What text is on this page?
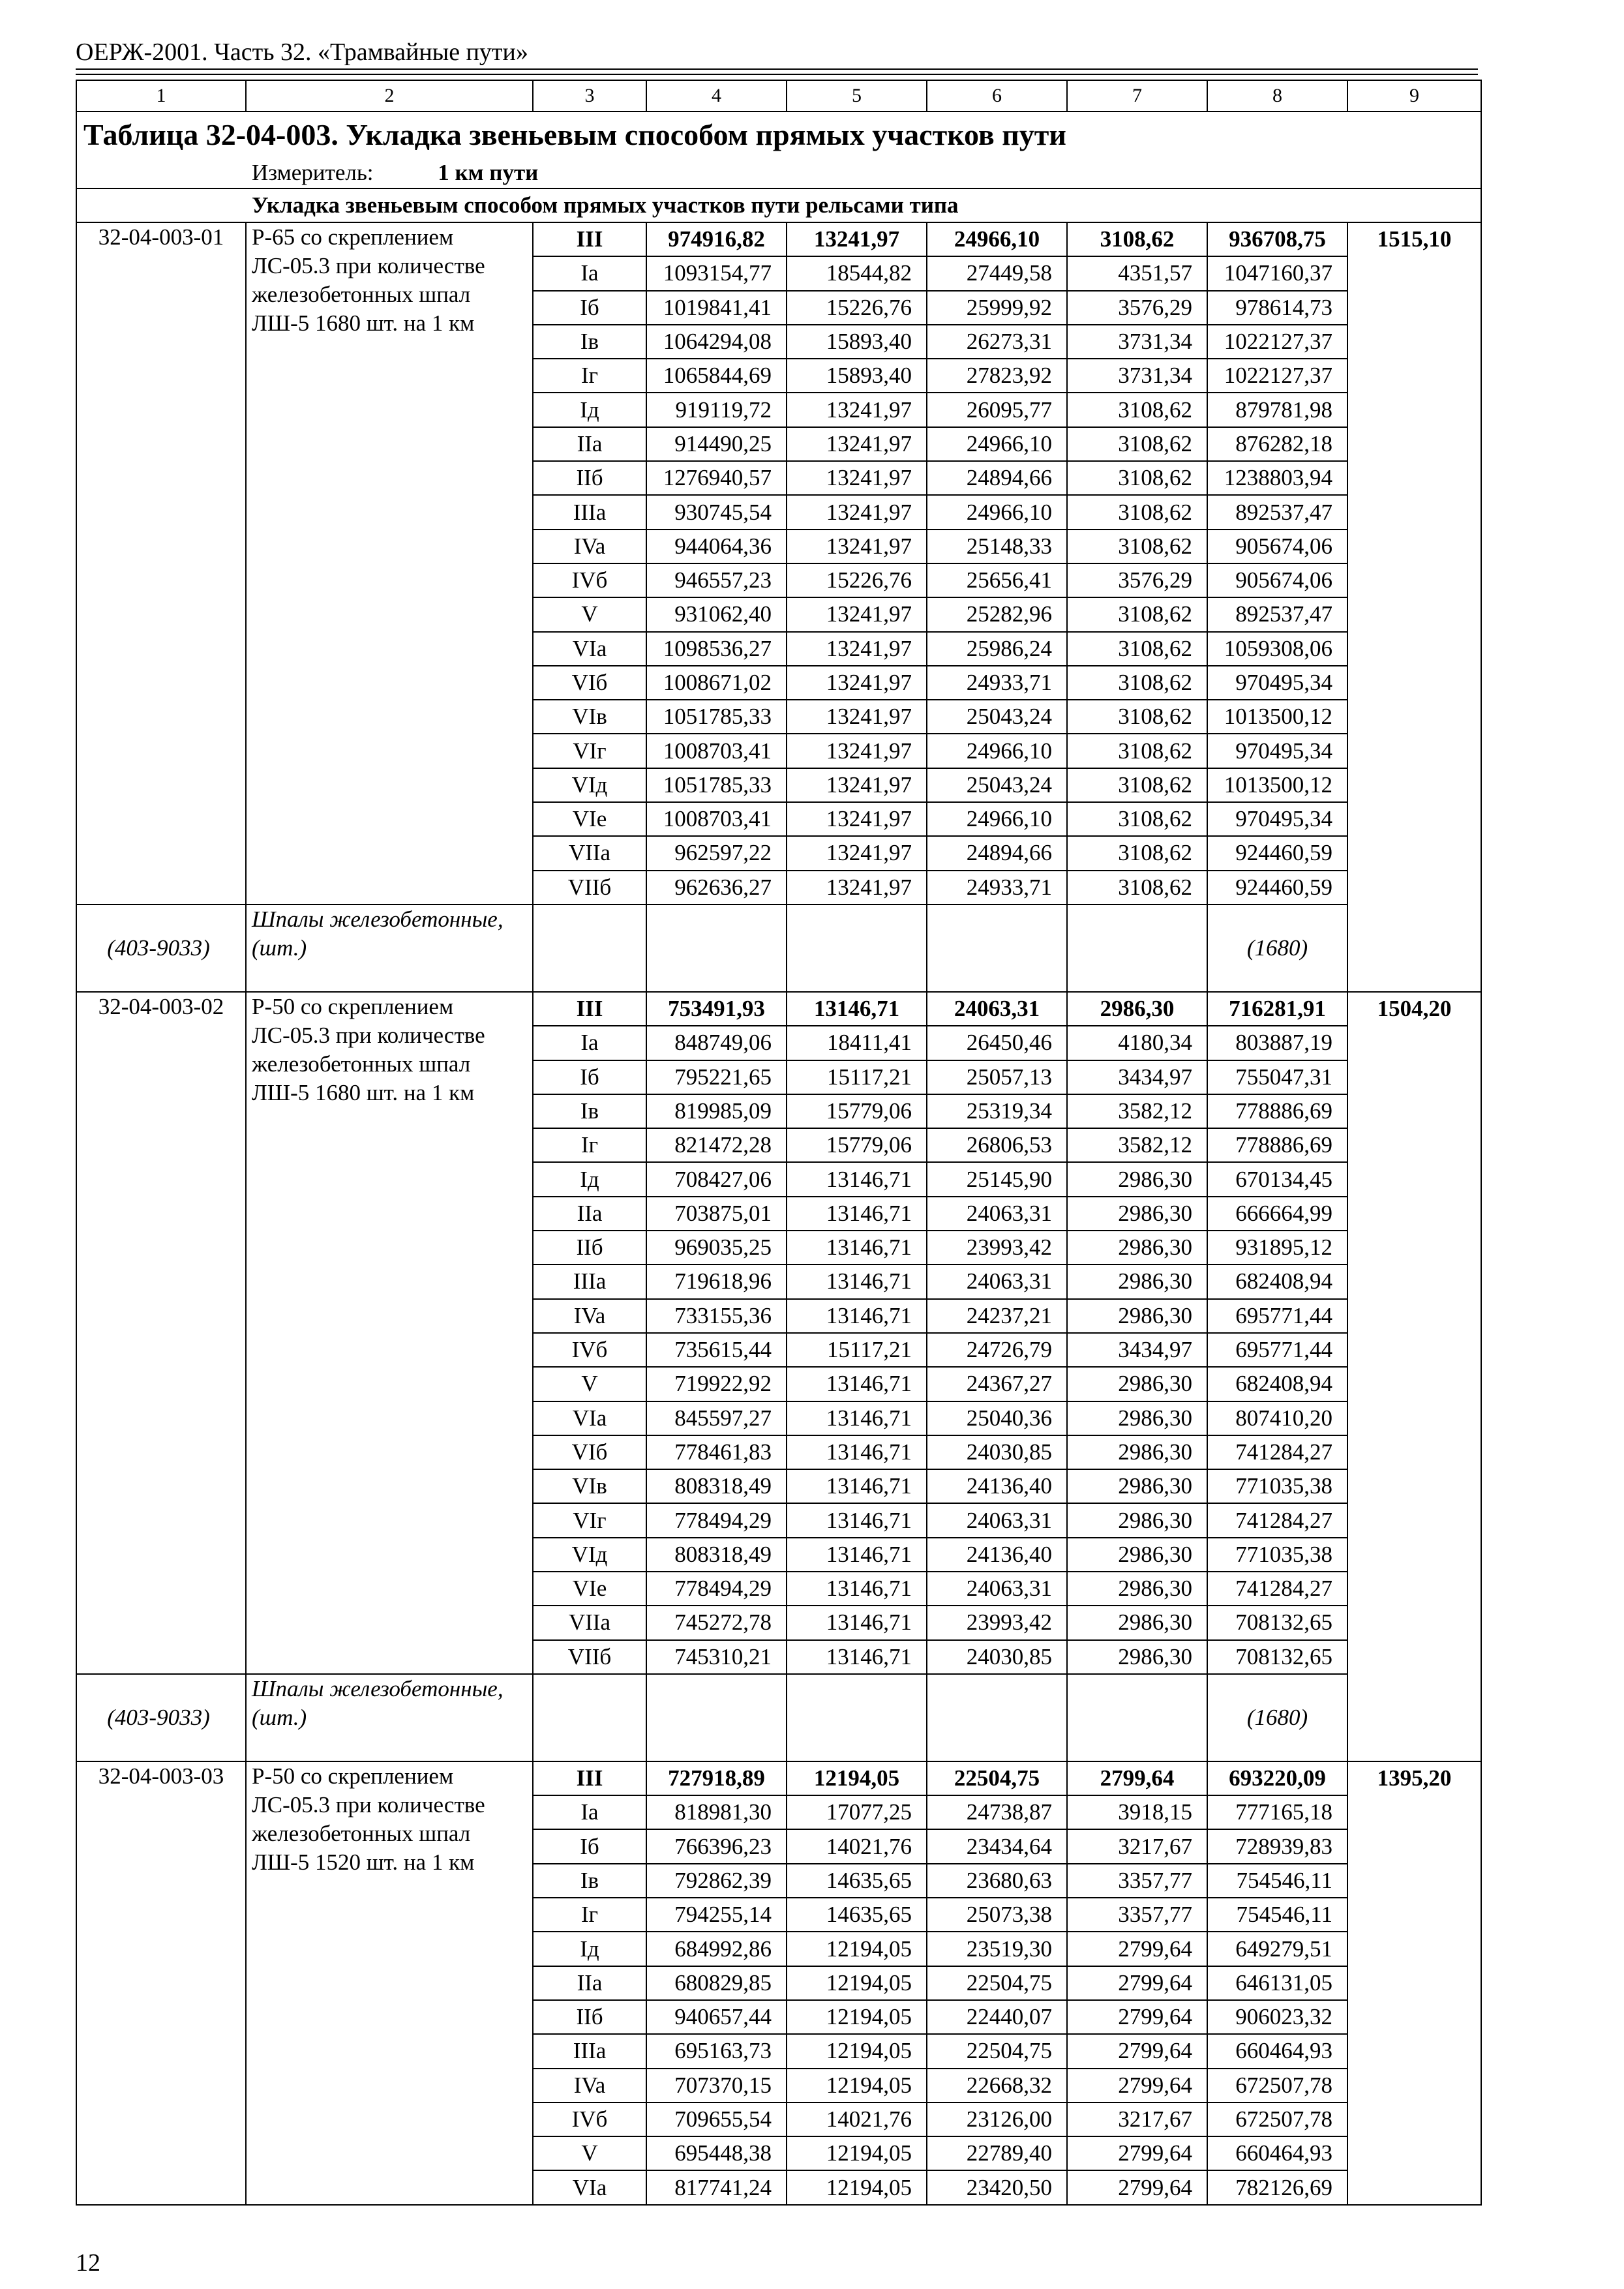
ОЕРЖ-2001. Часть 32. «Трамвайные пути»
1	2	3	4	5	6	7	8	9
Таблица 32-04-003. Укладка звеньевым способом прямых участков пути								
Измеритель: 1 км пути								
Укладка звеньевым способом прямых участков пути рельсами типа								
32-04-003-01	Р-65 со скреплением ЛС-05.3 при количестве железобетонных шпал ЛШ-5 1680 шт. на 1 км	III	974916,82	13241,97	24966,10	3108,62	936708,75	1515,10
		Ia	1093154,77	18544,82	27449,58	4351,57	1047160,37	
		Iб	1019841,41	15226,76	25999,92	3576,29	978614,73	
		Iв	1064294,08	15893,40	26273,31	3731,34	1022127,37	
		Iг	1065844,69	15893,40	27823,92	3731,34	1022127,37	
		Iд	919119,72	13241,97	26095,77	3108,62	879781,98	
		IIa	914490,25	13241,97	24966,10	3108,62	876282,18	
		IIб	1276940,57	13241,97	24894,66	3108,62	1238803,94	
		IIIa	930745,54	13241,97	24966,10	3108,62	892537,47	
		IVa	944064,36	13241,97	25148,33	3108,62	905674,06	
		IVб	946557,23	15226,76	25656,41	3576,29	905674,06	
		V	931062,40	13241,97	25282,96	3108,62	892537,47	
		VIa	1098536,27	13241,97	25986,24	3108,62	1059308,06	
		VIб	1008671,02	13241,97	24933,71	3108,62	970495,34	
		VIв	1051785,33	13241,97	25043,24	3108,62	1013500,12	
		VIг	1008703,41	13241,97	24966,10	3108,62	970495,34	
		VIд	1051785,33	13241,97	25043,24	3108,62	1013500,12	
		VIе	1008703,41	13241,97	24966,10	3108,62	970495,34	
		VIIa	962597,22	13241,97	24894,66	3108,62	924460,59	
		VIIб	962636,27	13241,97	24933,71	3108,62	924460,59	
(403-9033)	Шпалы железобетонные, (шт.)						(1680)	
32-04-003-02	Р-50 со скреплением ЛС-05.3 при количестве железобетонных шпал ЛШ-5 1680 шт. на 1 км	III	753491,93	13146,71	24063,31	2986,30	716281,91	1504,20
		Ia	848749,06	18411,41	26450,46	4180,34	803887,19	
		Iб	795221,65	15117,21	25057,13	3434,97	755047,31	
		Iв	819985,09	15779,06	25319,34	3582,12	778886,69	
		Iг	821472,28	15779,06	26806,53	3582,12	778886,69	
		Iд	708427,06	13146,71	25145,90	2986,30	670134,45	
		IIa	703875,01	13146,71	24063,31	2986,30	666664,99	
		IIб	969035,25	13146,71	23993,42	2986,30	931895,12	
		IIIa	719618,96	13146,71	24063,31	2986,30	682408,94	
		IVa	733155,36	13146,71	24237,21	2986,30	695771,44	
		IVб	735615,44	15117,21	24726,79	3434,97	695771,44	
		V	719922,92	13146,71	24367,27	2986,30	682408,94	
		VIa	845597,27	13146,71	25040,36	2986,30	807410,20	
		VIб	778461,83	13146,71	24030,85	2986,30	741284,27	
		VIв	808318,49	13146,71	24136,40	2986,30	771035,38	
		VIг	778494,29	13146,71	24063,31	2986,30	741284,27	
		VIд	808318,49	13146,71	24136,40	2986,30	771035,38	
		VIе	778494,29	13146,71	24063,31	2986,30	741284,27	
		VIIa	745272,78	13146,71	23993,42	2986,30	708132,65	
		VIIб	745310,21	13146,71	24030,85	2986,30	708132,65	
(403-9033)	Шпалы железобетонные, (шт.)						(1680)	
32-04-003-03	Р-50 со скреплением ЛС-05.3 при количестве железобетонных шпал ЛШ-5 1520 шт. на 1 км	III	727918,89	12194,05	22504,75	2799,64	693220,09	1395,20
		Ia	818981,30	17077,25	24738,87	3918,15	777165,18	
		Iб	766396,23	14021,76	23434,64	3217,67	728939,83	
		Iв	792862,39	14635,65	23680,63	3357,77	754546,11	
		Iг	794255,14	14635,65	25073,38	3357,77	754546,11	
		Iд	684992,86	12194,05	23519,30	2799,64	649279,51	
		IIa	680829,85	12194,05	22504,75	2799,64	646131,05	
		IIб	940657,44	12194,05	22440,07	2799,64	906023,32	
		IIIa	695163,73	12194,05	22504,75	2799,64	660464,93	
		IVa	707370,15	12194,05	22668,32	2799,64	672507,78	
		IVб	709655,54	14021,76	23126,00	3217,67	672507,78	
		V	695448,38	12194,05	22789,40	2799,64	660464,93	
		VIa	817741,24	12194,05	23420,50	2799,64	782126,69	
12
